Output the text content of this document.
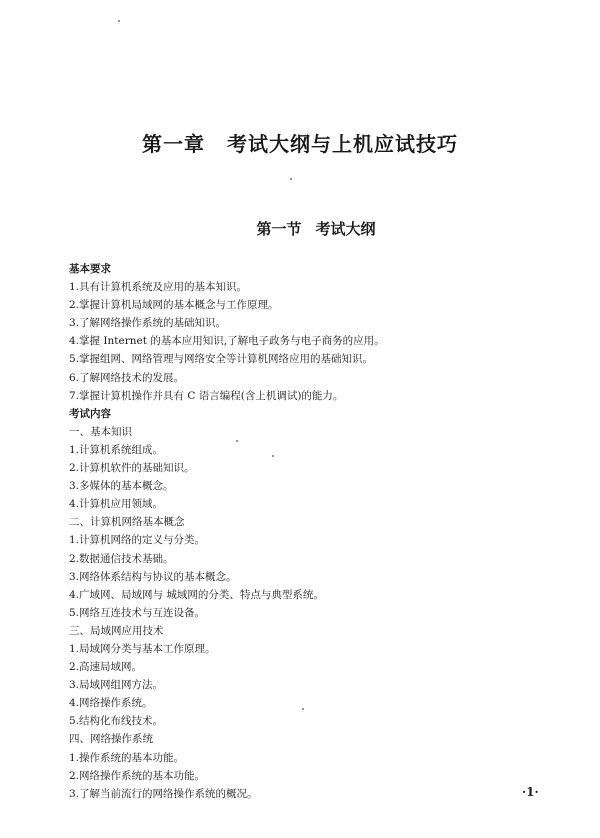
第一章 考试大纲与上机应试技巧
第一节 考试大纲
基本要求
1.具有计算机系统及应用的基本知识。
2.掌握计算机局域网的基本概念与工作原理。
3.了解网络操作系统的基础知识。
4.掌握 Internet 的基本应用知识,了解电子政务与电子商务的应用。
5.掌握组网、网络管理与网络安全等计算机网络应用的基础知识。
6.了解网络技术的发展。
7.掌握计算机操作并具有 C 语言编程(含上机调试)的能力。
考试内容
一、基本知识
1.计算机系统组成。
2.计算机软件的基础知识。
3.多媒体的基本概念。
4.计算机应用领域。
二、计算机网络基本概念
1.计算机网络的定义与分类。
2.数据通信技术基础。
3.网络体系结构与协议的基本概念。
4.广域网、局域网与 城域网的分类、特点与典型系统。
5.网络互连技术与互连设备。
三、局域网应用技术
1.局域网分类与基本工作原理。
2.高速局域网。
3.局域网组网方法。
4.网络操作系统。
5.结构化布线技术。
四、网络操作系统
1.操作系统的基本功能。
2.网络操作系统的基本功能。
3.了解当前流行的网络操作系统的概况。	·1·
